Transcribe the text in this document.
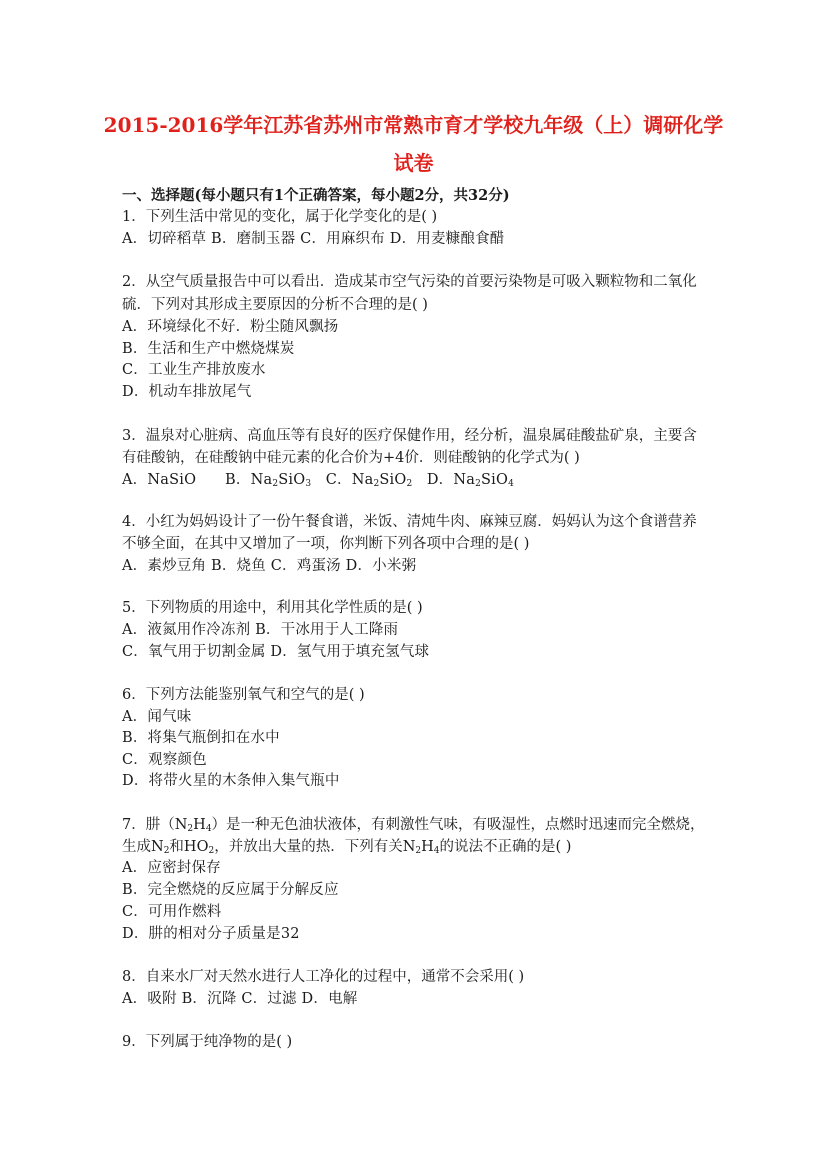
2015-2016学年江苏省苏州市常熟市育才学校九年级（上）调研化学
试卷
一、选择题(每小题只有1个正确答案，每小题2分，共32分)
1．下列生活中常见的变化，属于化学变化的是( )
A．切碎稻草 B．磨制玉器 C．用麻织布 D．用麦糠酿食醋
2．从空气质量报告中可以看出．造成某市空气污染的首要污染物是可吸入颗粒物和二氧化
硫．下列对其形成主要原因的分析不合理的是( )
A．环境绿化不好．粉尘随风飘扬
B．生活和生产中燃烧煤炭
C．工业生产排放废水
D．机动车排放尾气
3．温泉对心脏病、高血压等有良好的医疗保健作用，经分析，温泉属硅酸盐矿泉，主要含
有硅酸钠，在硅酸钠中硅元素的化合价为+4价．则硅酸钠的化学式为( )
A．NaSiO B．$Na_2SiO_3$ C．$Na_2SiO_2$ D．$Na_2SiO_4$
4．小红为妈妈设计了一份午餐食谱，米饭、清炖牛肉、麻辣豆腐．妈妈认为这个食谱营养
不够全面，在其中又增加了一项，你判断下列各项中合理的是( )
A．素炒豆角 B．烧鱼 C．鸡蛋汤 D．小米粥
5．下列物质的用途中，利用其化学性质的是( )
A．液氮用作冷冻剂 B．干冰用于人工降雨
C．氧气用于切割金属 D．氢气用于填充氢气球
6．下列方法能鉴别氧气和空气的是( )
A．闻气味
B．将集气瓶倒扣在水中
C．观察颜色
D．将带火星的木条伸入集气瓶中
7．肼$(N_2H_4)$是一种无色油状液体，有刺激性气味，有吸湿性，点燃时迅速而完全燃烧，
生成$N_2$和$HO_2$，并放出大量的热．下列有关$N_2H_4$的说法不正确的是( )
A．应密封保存
B．完全燃烧的反应属于分解反应
C．可用作燃料
D．肼的相对分子质量是32
8．自来水厂对天然水进行人工净化的过程中，通常不会采用( )
A．吸附 B．沉降 C．过滤 D．电解
9．下列属于纯净物的是( )
